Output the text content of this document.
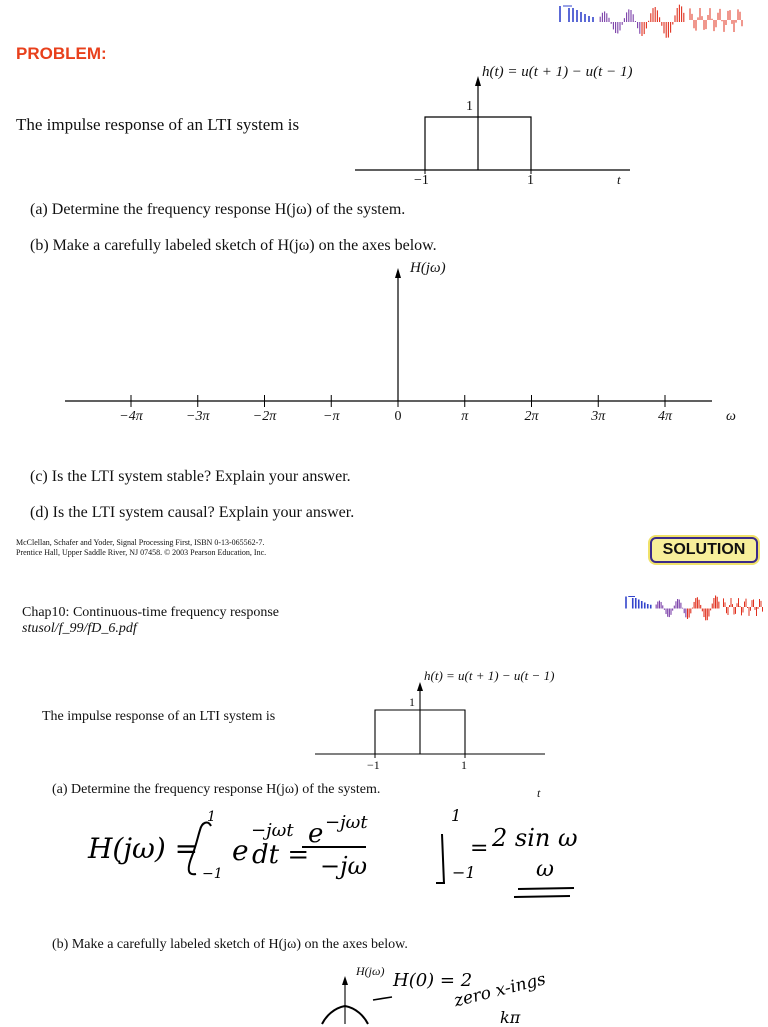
PROBLEM:
The impulse response of an LTI system is
h(t) = u(t + 1) − u(t − 1)
1
−1	1	t
(a) Determine the frequency response H(jω) of the system.
(b) Make a carefully labeled sketch of H(jω) on the axes below.
H(jω)
ω
−4π	−3π	−2π	−π	0	π	2π	3π	4π
(c) Is the LTI system stable? Explain your answer.
(d) Is the LTI system causal? Explain your answer.
McClellan, Schafer and Yoder, Signal Processing First, ISBN 0-13-065562-7.
Prentice Hall, Upper Saddle River, NJ 07458. © 2003 Pearson Education, Inc.	SOLUTION
Chap10: Continuous-time frequency response
stusol/f_99/fD_6.pdf
The impulse response of an LTI system is
h(t) = u(t + 1) − u(t − 1)
1
−1	1
t
(a) Determine the frequency response H(jω) of the system.
H(jω) =
1
−1
e
−jωt
dt =
e −jωt
−jω
1
−1
= 2 sin ω
ω
(b) Make a carefully labeled sketch of H(jω) on the axes below.
H(jω) H(0) = 2
zero x-ings
kπ
